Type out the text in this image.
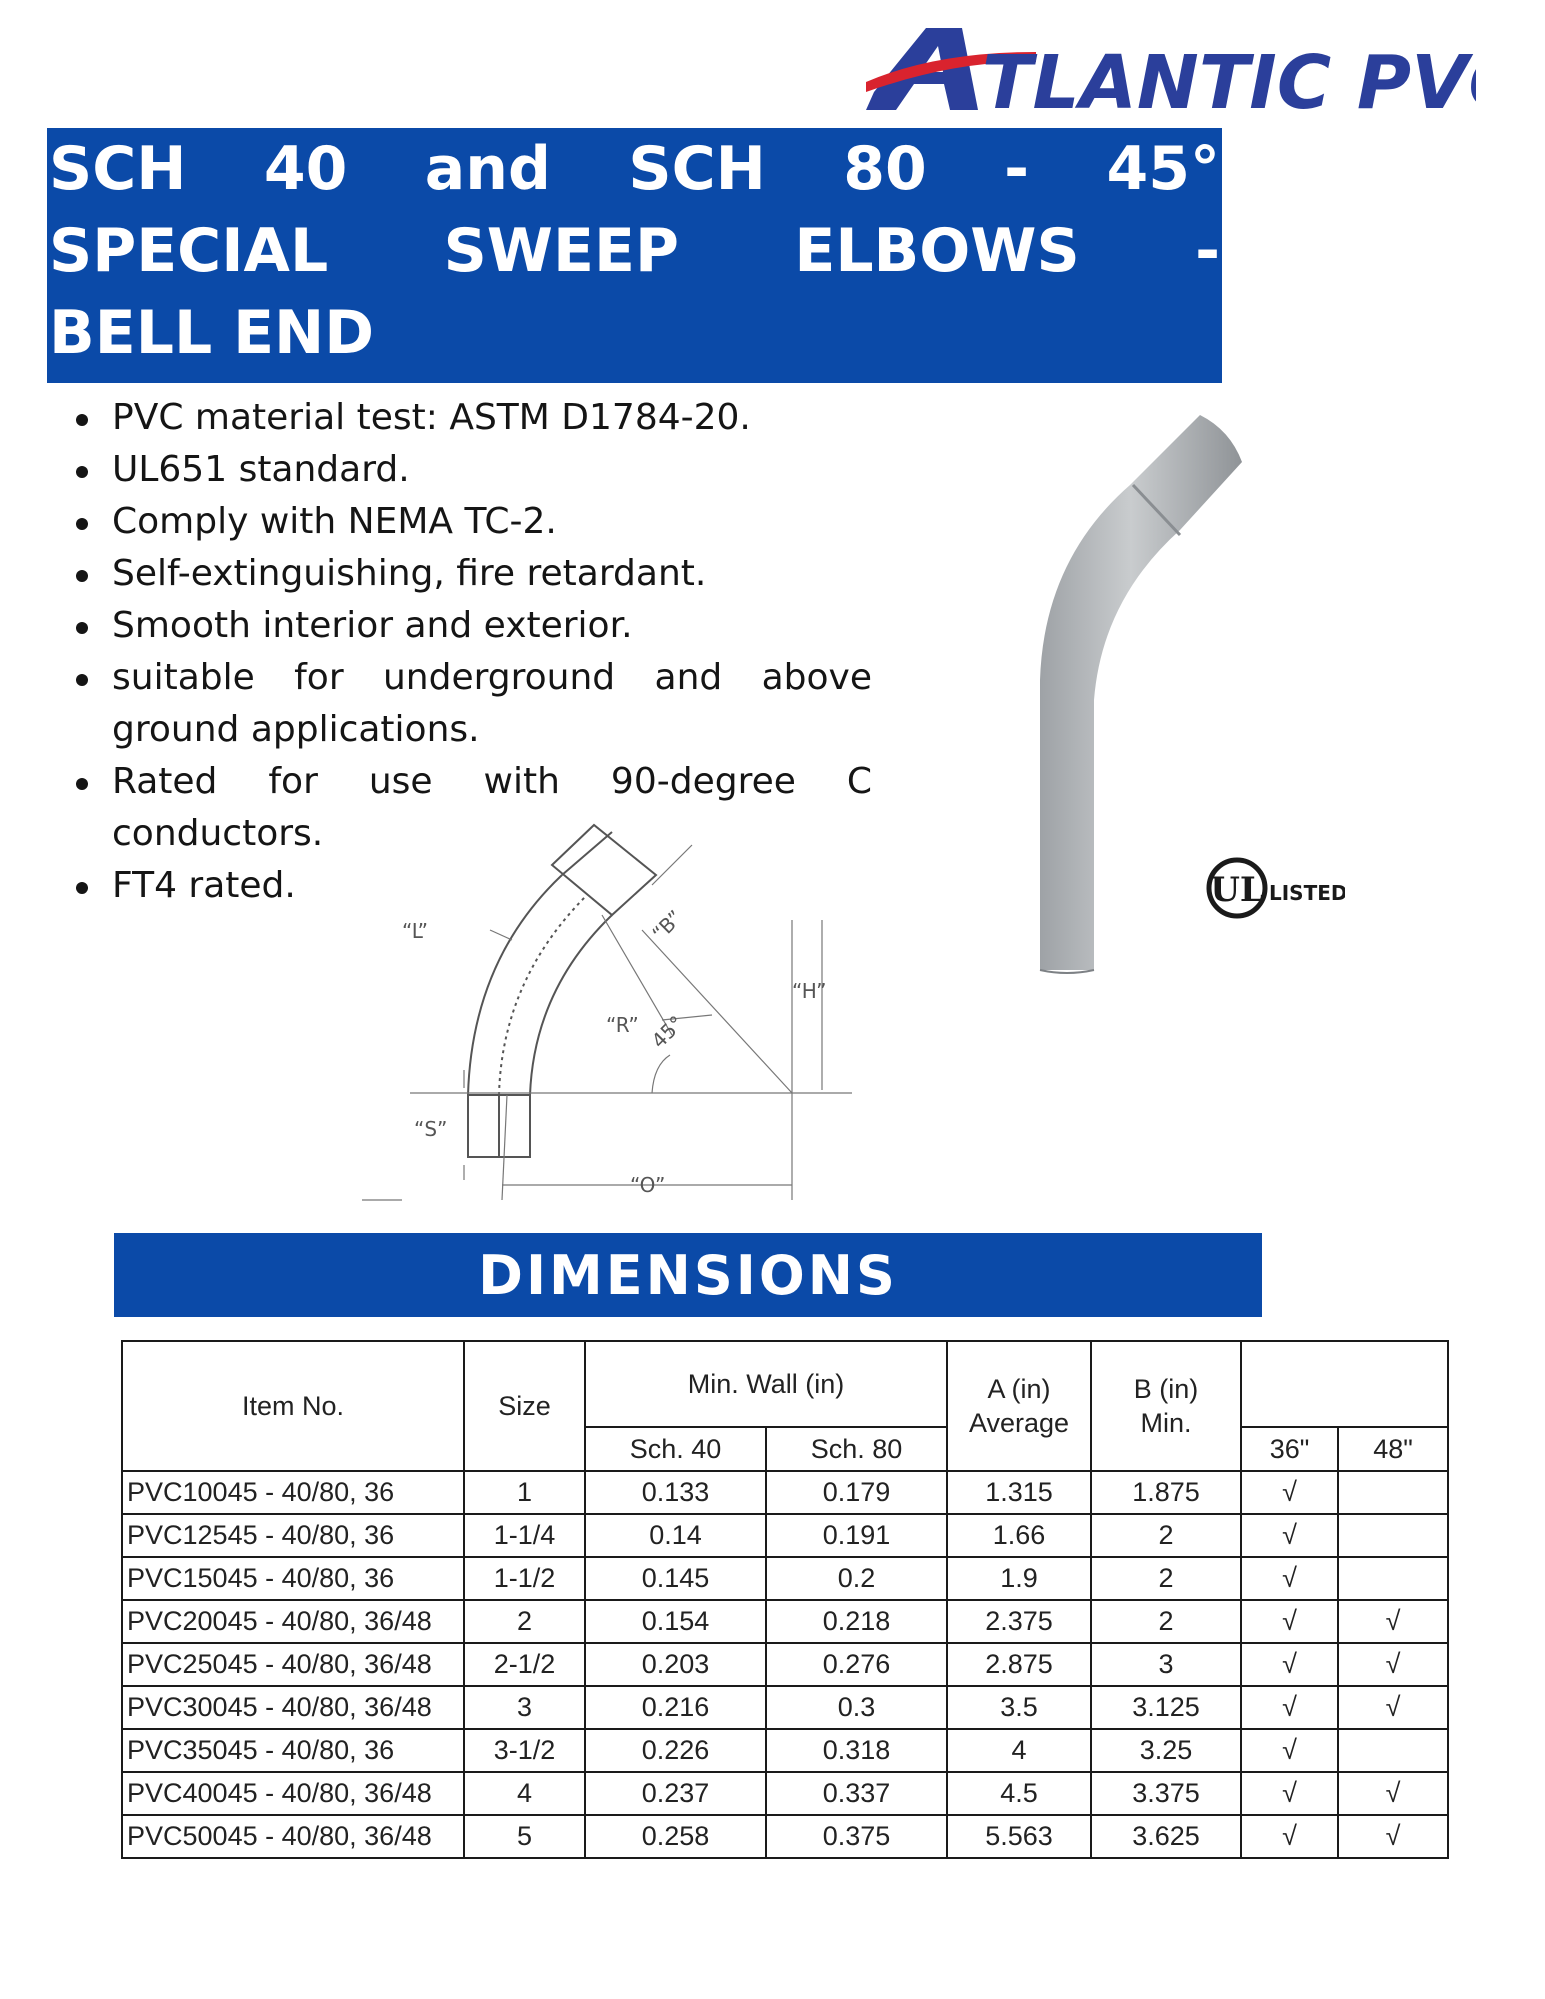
TLANTIC PVC
SCH 40 and SCH 80 - 45°
SPECIAL SWEEP ELBOWS -
BELL END
PVC material test: ASTM D1784-20.
UL651 standard.
Comply with NEMA TC-2.
Self-extinguishing, fire retardant.
Smooth interior and exterior.
suitable for underground and above ground applications.
Rated for use with 90-degree C conductors.
FT4 rated.
“L”	“B”
“H”
“R” 45°
“S”
“O”
UL LISTED
DIMENSIONS
Item No.	Size	Min. Wall (in)		A (in) Average	B (in) Min.		
		Sch. 40	Sch. 80			36"	48"
PVC10045 - 40/80, 36	1	0.133	0.179	1.315	1.875	√	
PVC12545 - 40/80, 36	1-1/4	0.14	0.191	1.66	2	√	
PVC15045 - 40/80, 36	1-1/2	0.145	0.2	1.9	2	√	
PVC20045 - 40/80, 36/48	2	0.154	0.218	2.375	2	√	√
PVC25045 - 40/80, 36/48	2-1/2	0.203	0.276	2.875	3	√	√
PVC30045 - 40/80, 36/48	3	0.216	0.3	3.5	3.125	√	√
PVC35045 - 40/80, 36	3-1/2	0.226	0.318	4	3.25	√	
PVC40045 - 40/80, 36/48	4	0.237	0.337	4.5	3.375	√	√
PVC50045 - 40/80, 36/48	5	0.258	0.375	5.563	3.625	√	√
